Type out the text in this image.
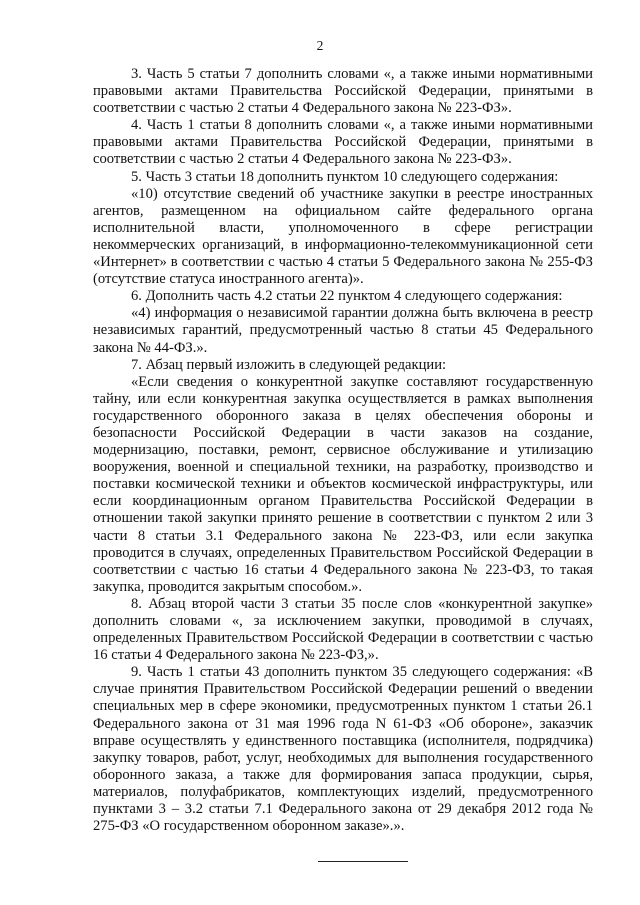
2

3. Часть 5 статьи 7 дополнить словами «, а также иными нормативными правовыми актами Правительства Российской Федерации, принятыми в соответствии с частью 2 статьи 4 Федерального закона № 223-ФЗ».

4. Часть 1 статьи 8 дополнить словами «, а также иными нормативными правовыми актами Правительства Российской Федерации, принятыми в соответствии с частью 2 статьи 4 Федерального закона № 223-ФЗ».

5. Часть 3 статьи 18 дополнить пунктом 10 следующего содержания:

«10) отсутствие сведений об участнике закупки в реестре иностранных агентов, размещенном на официальном сайте федерального органа исполнительной власти, уполномоченного в сфере регистрации некоммерческих организаций, в информационно-телекоммуникационной сети «Интернет» в соответствии с частью 4 статьи 5 Федерального закона № 255-ФЗ (отсутствие статуса иностранного агента)».

6. Дополнить часть 4.2 статьи 22 пунктом 4 следующего содержания:

«4) информация о независимой гарантии должна быть включена в реестр независимых гарантий, предусмотренный частью 8 статьи 45 Федерального закона № 44-ФЗ.».

7. Абзац первый изложить в следующей редакции:

«Если сведения о конкурентной закупке составляют государственную тайну, или если конкурентная закупка осуществляется в рамках выполнения государственного оборонного заказа в целях обеспечения обороны и безопасности Российской Федерации в части заказов на создание, модернизацию, поставки, ремонт, сервисное обслуживание и утилизацию вооружения, военной и специальной техники, на разработку, производство и поставки космической техники и объектов космической инфраструктуры, или если координационным органом Правительства Российской Федерации в отношении такой закупки принято решение в соответствии с пунктом 2 или 3 части 8 статьи 3.1 Федерального закона № 223-ФЗ, или если закупка проводится в случаях, определенных Правительством Российской Федерации в соответствии с частью 16 статьи 4 Федерального закона № 223-ФЗ, то такая закупка, проводится закрытым способом.».

8. Абзац второй части 3 статьи 35 после слов «конкурентной закупке» дополнить словами «, за исключением закупки, проводимой в случаях, определенных Правительством Российской Федерации в соответствии с частью 16 статьи 4 Федерального закона № 223-ФЗ,».

9. Часть 1 статьи 43 дополнить пунктом 35 следующего содержания: «В случае принятия Правительством Российской Федерации решений о введении специальных мер в сфере экономики, предусмотренных пунктом 1 статьи 26.1 Федерального закона от 31 мая 1996 года N 61-ФЗ «Об обороне», заказчик вправе осуществлять у единственного поставщика (исполнителя, подрядчика) закупку товаров, работ, услуг, необходимых для выполнения государственного оборонного заказа, а также для формирования запаса продукции, сырья, материалов, полуфабрикатов, комплектующих изделий, предусмотренного пунктами 3 – 3.2 статьи 7.1 Федерального закона от 29 декабря 2012 года № 275-ФЗ «О государственном оборонном заказе».».
